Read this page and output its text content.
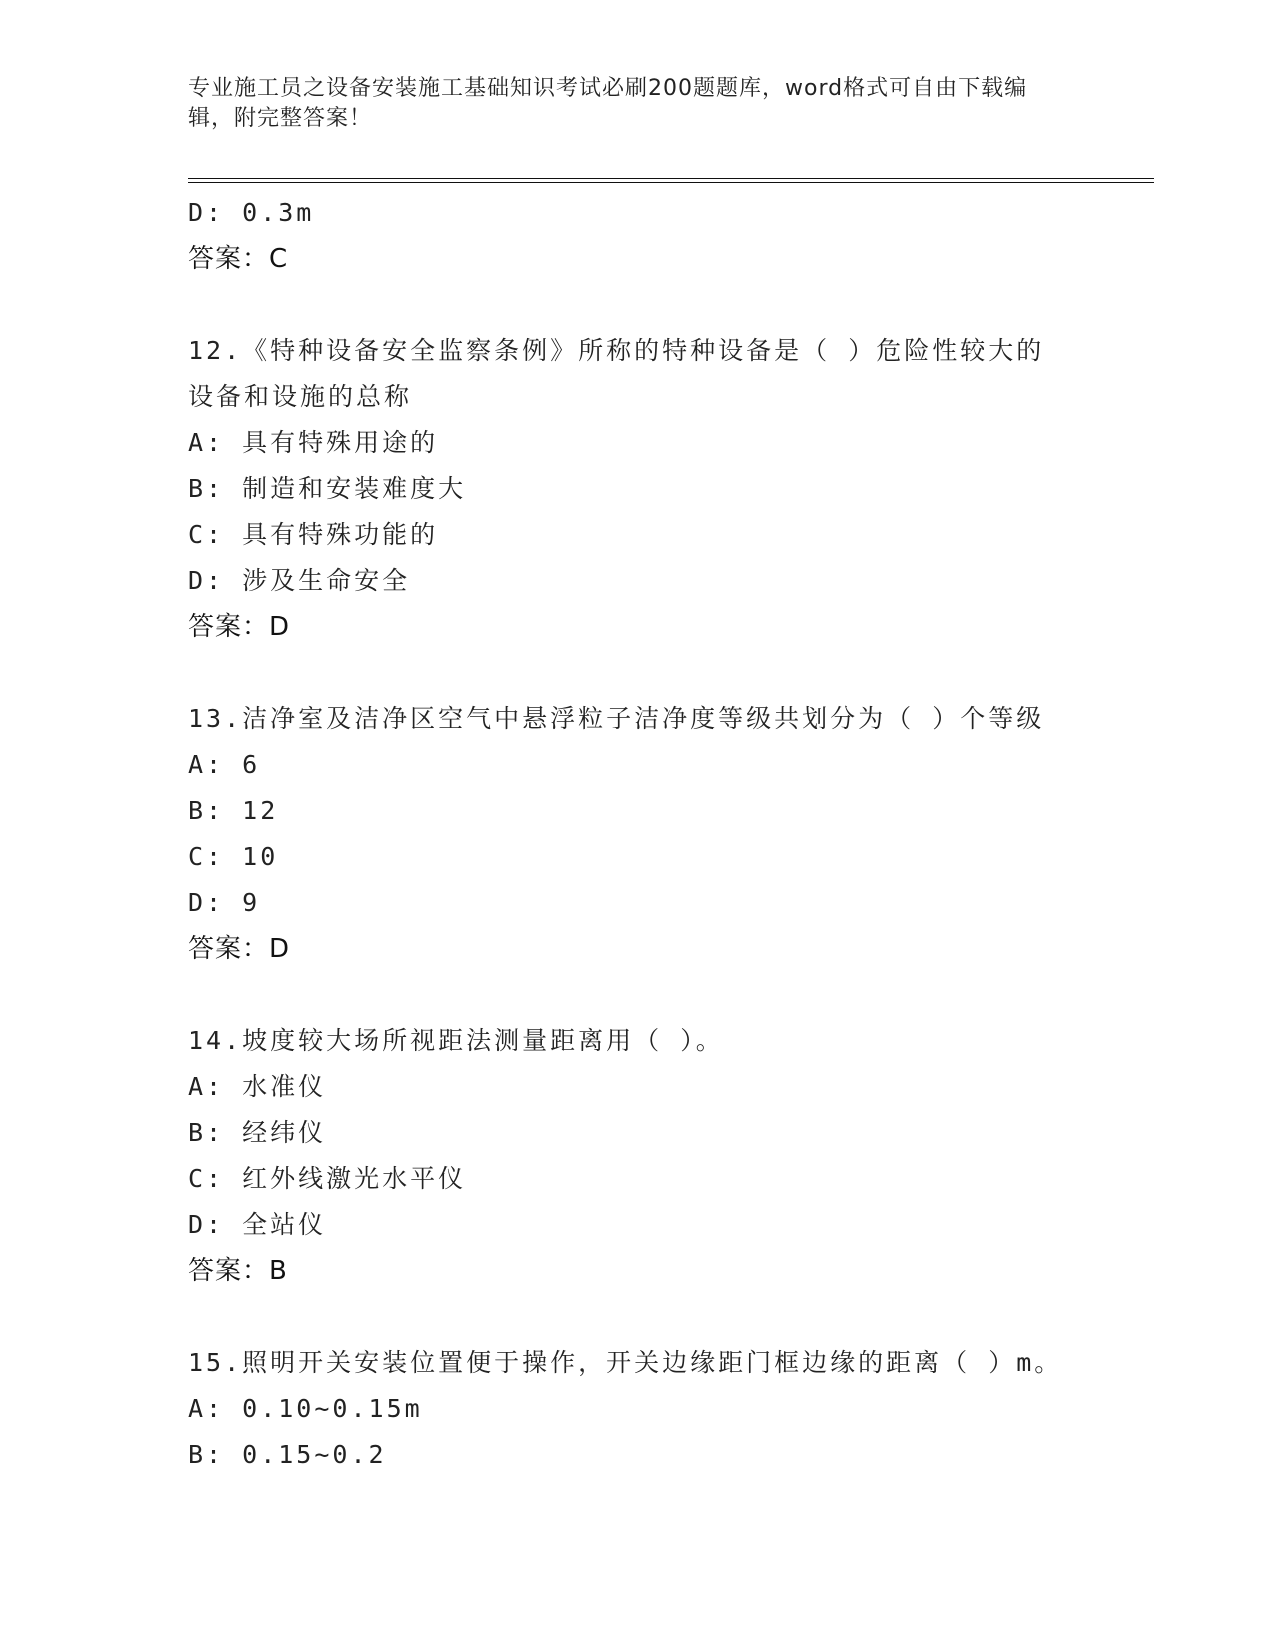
专业施工员之设备安装施工基础知识考试必刷200题题库，word格式可自由下载编辑，附完整答案！
D: 0.3m
答案：C
12.《特种设备安全监察条例》所称的特种设备是（ ）危险性较大的设备和设施的总称
A: 具有特殊用途的
B: 制造和安装难度大
C: 具有特殊功能的
D: 涉及生命安全
答案：D
13.洁净室及洁净区空气中悬浮粒子洁净度等级共划分为（ ）个等级
A: 6
B: 12
C: 10
D: 9
答案：D
14.坡度较大场所视距法测量距离用（ ）。
A: 水准仪
B: 经纬仪
C: 红外线激光水平仪
D: 全站仪
答案：B
15.照明开关安装位置便于操作，开关边缘距门框边缘的距离（ ）m。
A: 0.10~0.15m
B: 0.15~0.2
